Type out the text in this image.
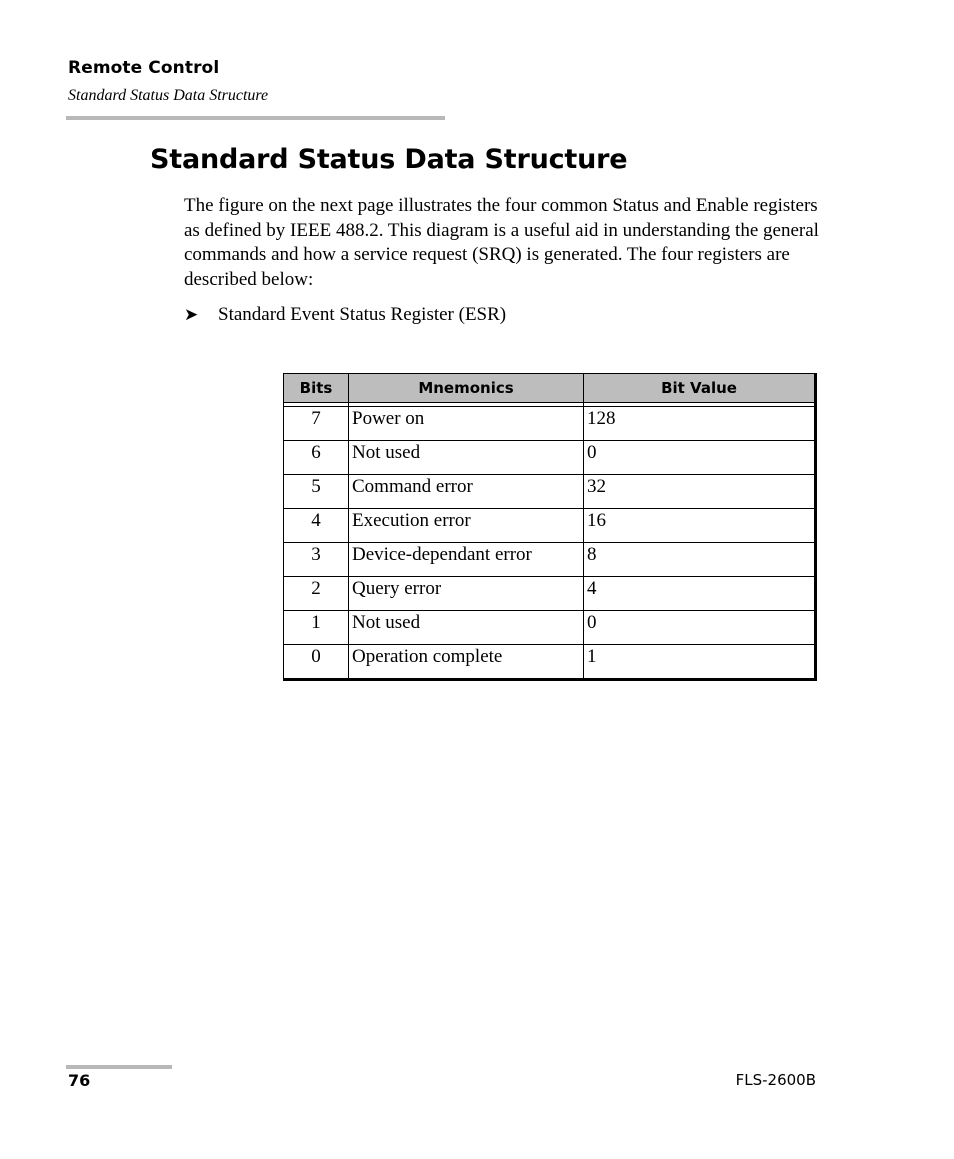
Remote Control
Standard Status Data Structure
Standard Status Data Structure

The figure on the next page illustrates the four common Status and Enable registers as defined by IEEE 488.2. This diagram is a useful aid in understanding the general commands and how a service request (SRQ) is generated. The four registers are described below:

➤	Standard Event Status Register (ESR)
Bits	Mnemonics	Bit Value

7	Power on	128
6	Not used	0
5	Command error	32
4	Execution error	16
3	Device-dependant error	8
2	Query error	4
1	Not used	0
0	Operation complete	1
76	FLS-2600B
